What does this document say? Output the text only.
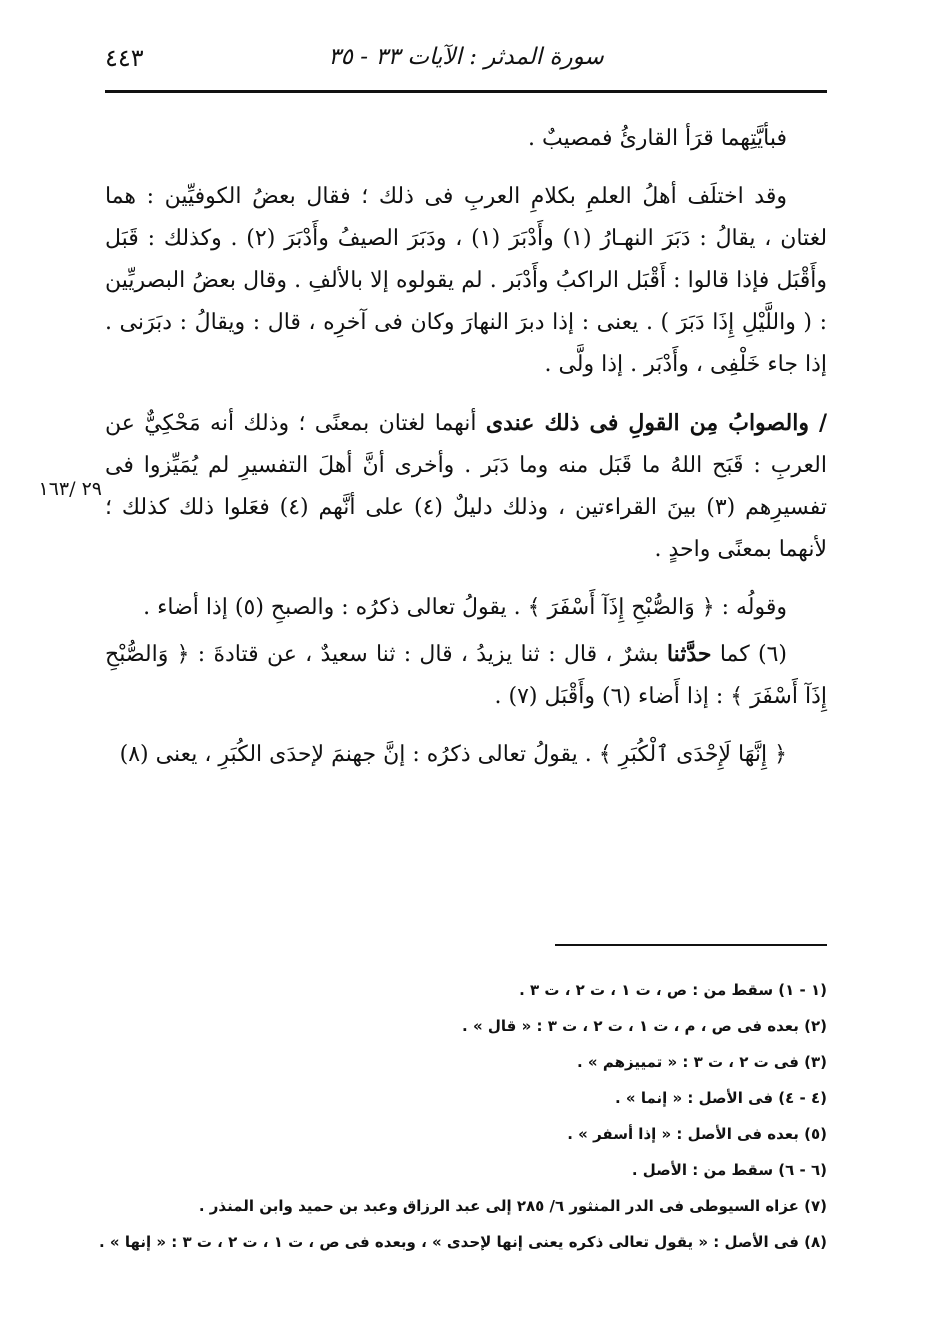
سورة المدثر : الآيات ٣٣ - ٣٥
٤٤٣
٢٩ /١٦٣

فبأيَّتِهما قرَأ القارئُ فمصيبٌ .

وقد اختلَف أهلُ العلمِ بكلامِ العربِ فى ذلك ؛ فقال بعضُ الكوفيِّين : هما لغتان ، يقالُ : دَبَرَ النهـارُ (١) وأَدْبَرَ (١) ، ودَبَرَ الصيفُ وأَدْبَرَ (٢) . وكذلك : قَبَل وأَقْبَل فإذا قالوا : أَقْبَل الراكبُ وأَدْبَر . لم يقولوه إلا بالألفِ . وقال بعضُ البصريِّين : ( واللَّيْلِ إِذَا دَبَرَ ) . يعنى : إذا دبرَ النهارَ وكان فى آخرِه ، قال : ويقالُ : دبَرَنى . إذا جاء خَلْفِى ، وأَدْبَر . إذا ولَّى .

/ والصوابُ مِن القولِ فى ذلك عندى أنهما لغتان بمعنًى ؛ وذلك أنه مَحْكِيٌّ عن العربِ : قَبَح اللهُ ما قَبَل منه وما دَبَر . وأخرى أنَّ أهلَ التفسيرِ لم يُمَيِّزوا فى تفسيرِهم (٣) بينَ القراءتين ، وذلك دليلٌ (٤) على أنَّهم (٤) فعَلوا ذلك كذلك ؛ لأنهما بمعنًى واحدٍ .

وقولُه : ﴿ وَالصُّبْحِ إِذَآ أَسْفَرَ ﴾ . يقولُ تعالى ذكرُه : والصبحِ (٥) إذا أضاء .

(٦) كما حدَّثنا بشرٌ ، قال : ثنا يزيدُ ، قال : ثنا سعيدٌ ، عن قتادةَ : ﴿ وَالصُّبْحِ إِذَآ أَسْفَرَ ﴾ : إذا أَضاء (٦) وأَقْبَل (٧) .

﴿ إِنَّهَا لَإِحْدَى ٱلْكُبَرِ ﴾ . يقولُ تعالى ذكرُه : إنَّ جهنمَ لإحدَى الكُبَرِ ، يعنى (٨)

(١ - ١) سقط من : ص ، ت ١ ، ت ٢ ، ت ٣ .
(٢) بعده فى ص ، م ، ت ١ ، ت ٢ ، ت ٣ : « قال » .
(٣) فى ت ٢ ، ت ٣ : « تمييزهم » .
(٤ - ٤) فى الأصل : « إنما » .
(٥) بعده فى الأصل : « إذا أسفر » .
(٦ - ٦) سقط من : الأصل .
(٧) عزاه السيوطى فى الدر المنثور ٦/ ٢٨٥ إلى عبد الرزاق وعبد بن حميد وابن المنذر .
(٨) فى الأصل : « يقول تعالى ذكره يعنى إنها لإحدى » ، وبعده فى ص ، ت ١ ، ت ٢ ، ت ٣ : « إنها » .
